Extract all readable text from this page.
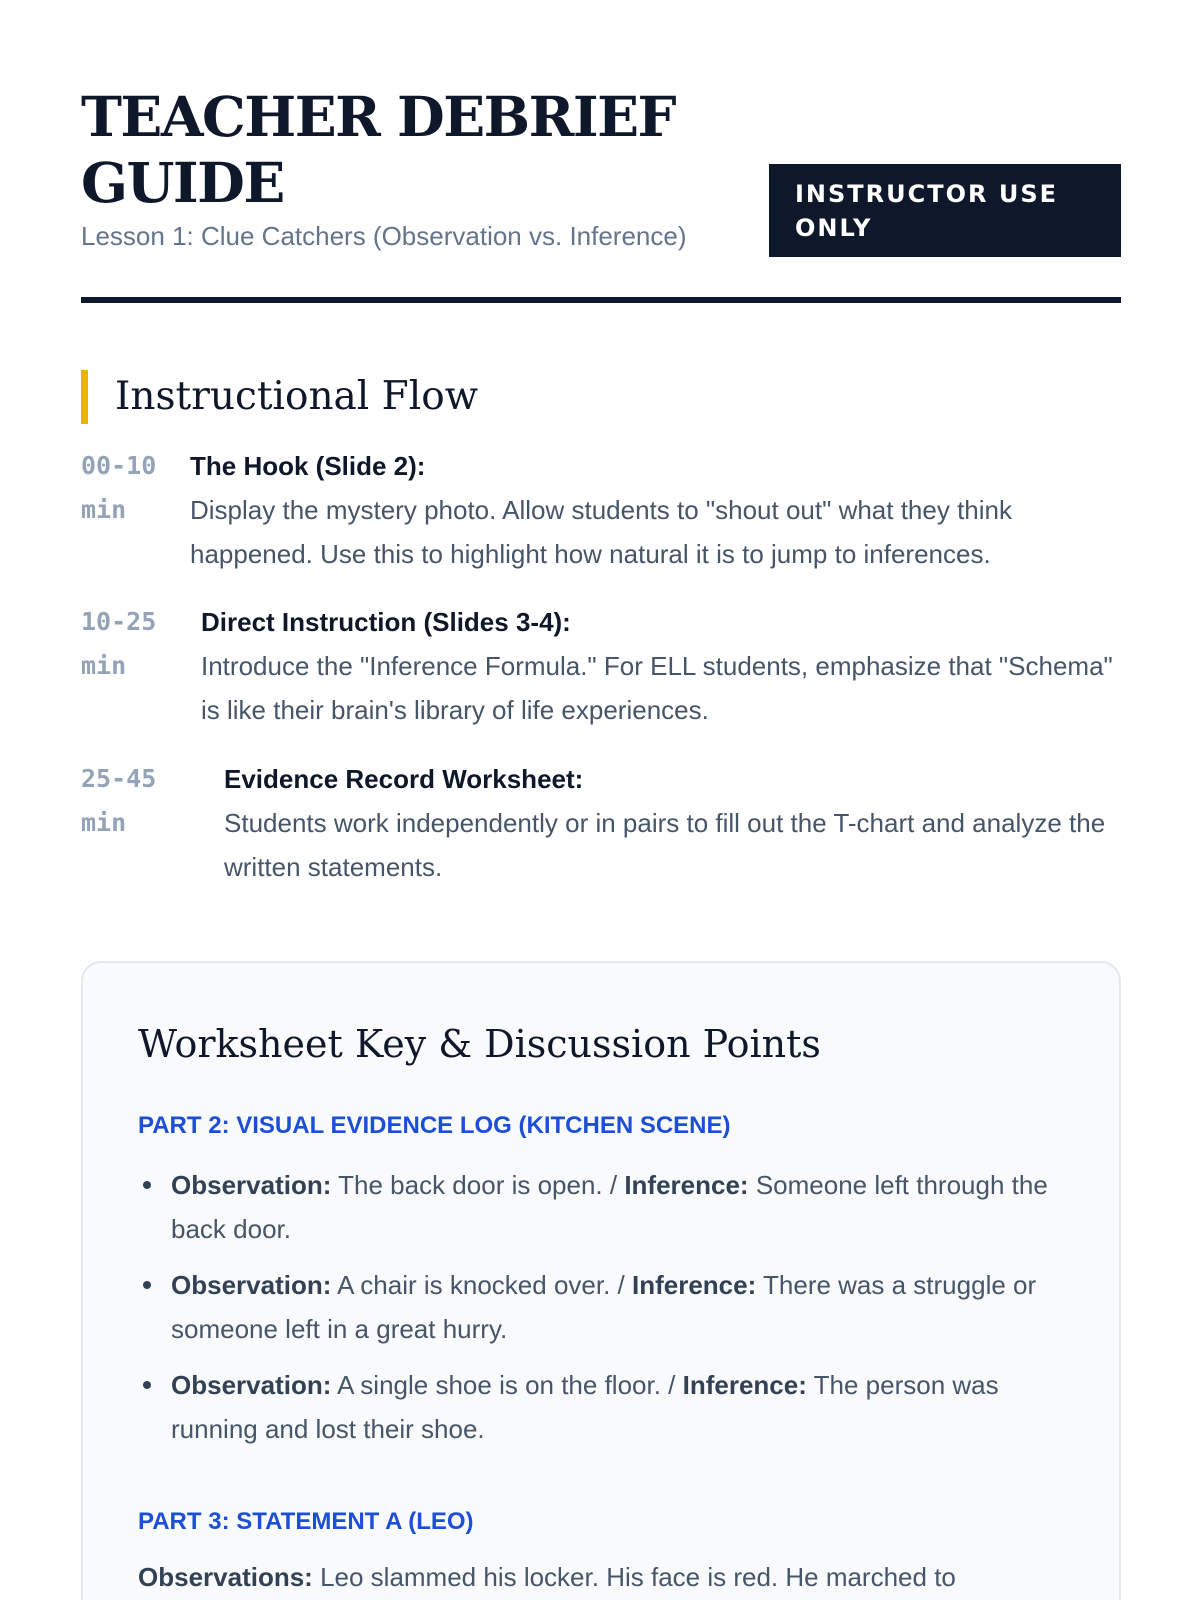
TEACHER DEBRIEF GUIDE
Lesson 1: Clue Catchers (Observation vs. Inference)
INSTRUCTOR USE ONLY
Instructional Flow
00-10 min
The Hook (Slide 2):
Display the mystery photo. Allow students to "shout out" what they think happened. Use this to highlight how natural it is to jump to inferences.
10-25 min
Direct Instruction (Slides 3-4):
Introduce the "Inference Formula." For ELL students, emphasize that "Schema" is like their brain's library of life experiences.
25-45 min
Evidence Record Worksheet:
Students work independently or in pairs to fill out the T-chart and analyze the written statements.
Worksheet Key & Discussion Points
PART 2: VISUAL EVIDENCE LOG (KITCHEN SCENE)
Observation: The back door is open. / Inference: Someone left through the back door.
Observation: A chair is knocked over. / Inference: There was a struggle or someone left in a great hurry.
Observation: A single shoe is on the floor. / Inference: The person was running and lost their shoe.
PART 3: STATEMENT A (LEO)
Observations: Leo slammed his locker. His face is red. He marched to
